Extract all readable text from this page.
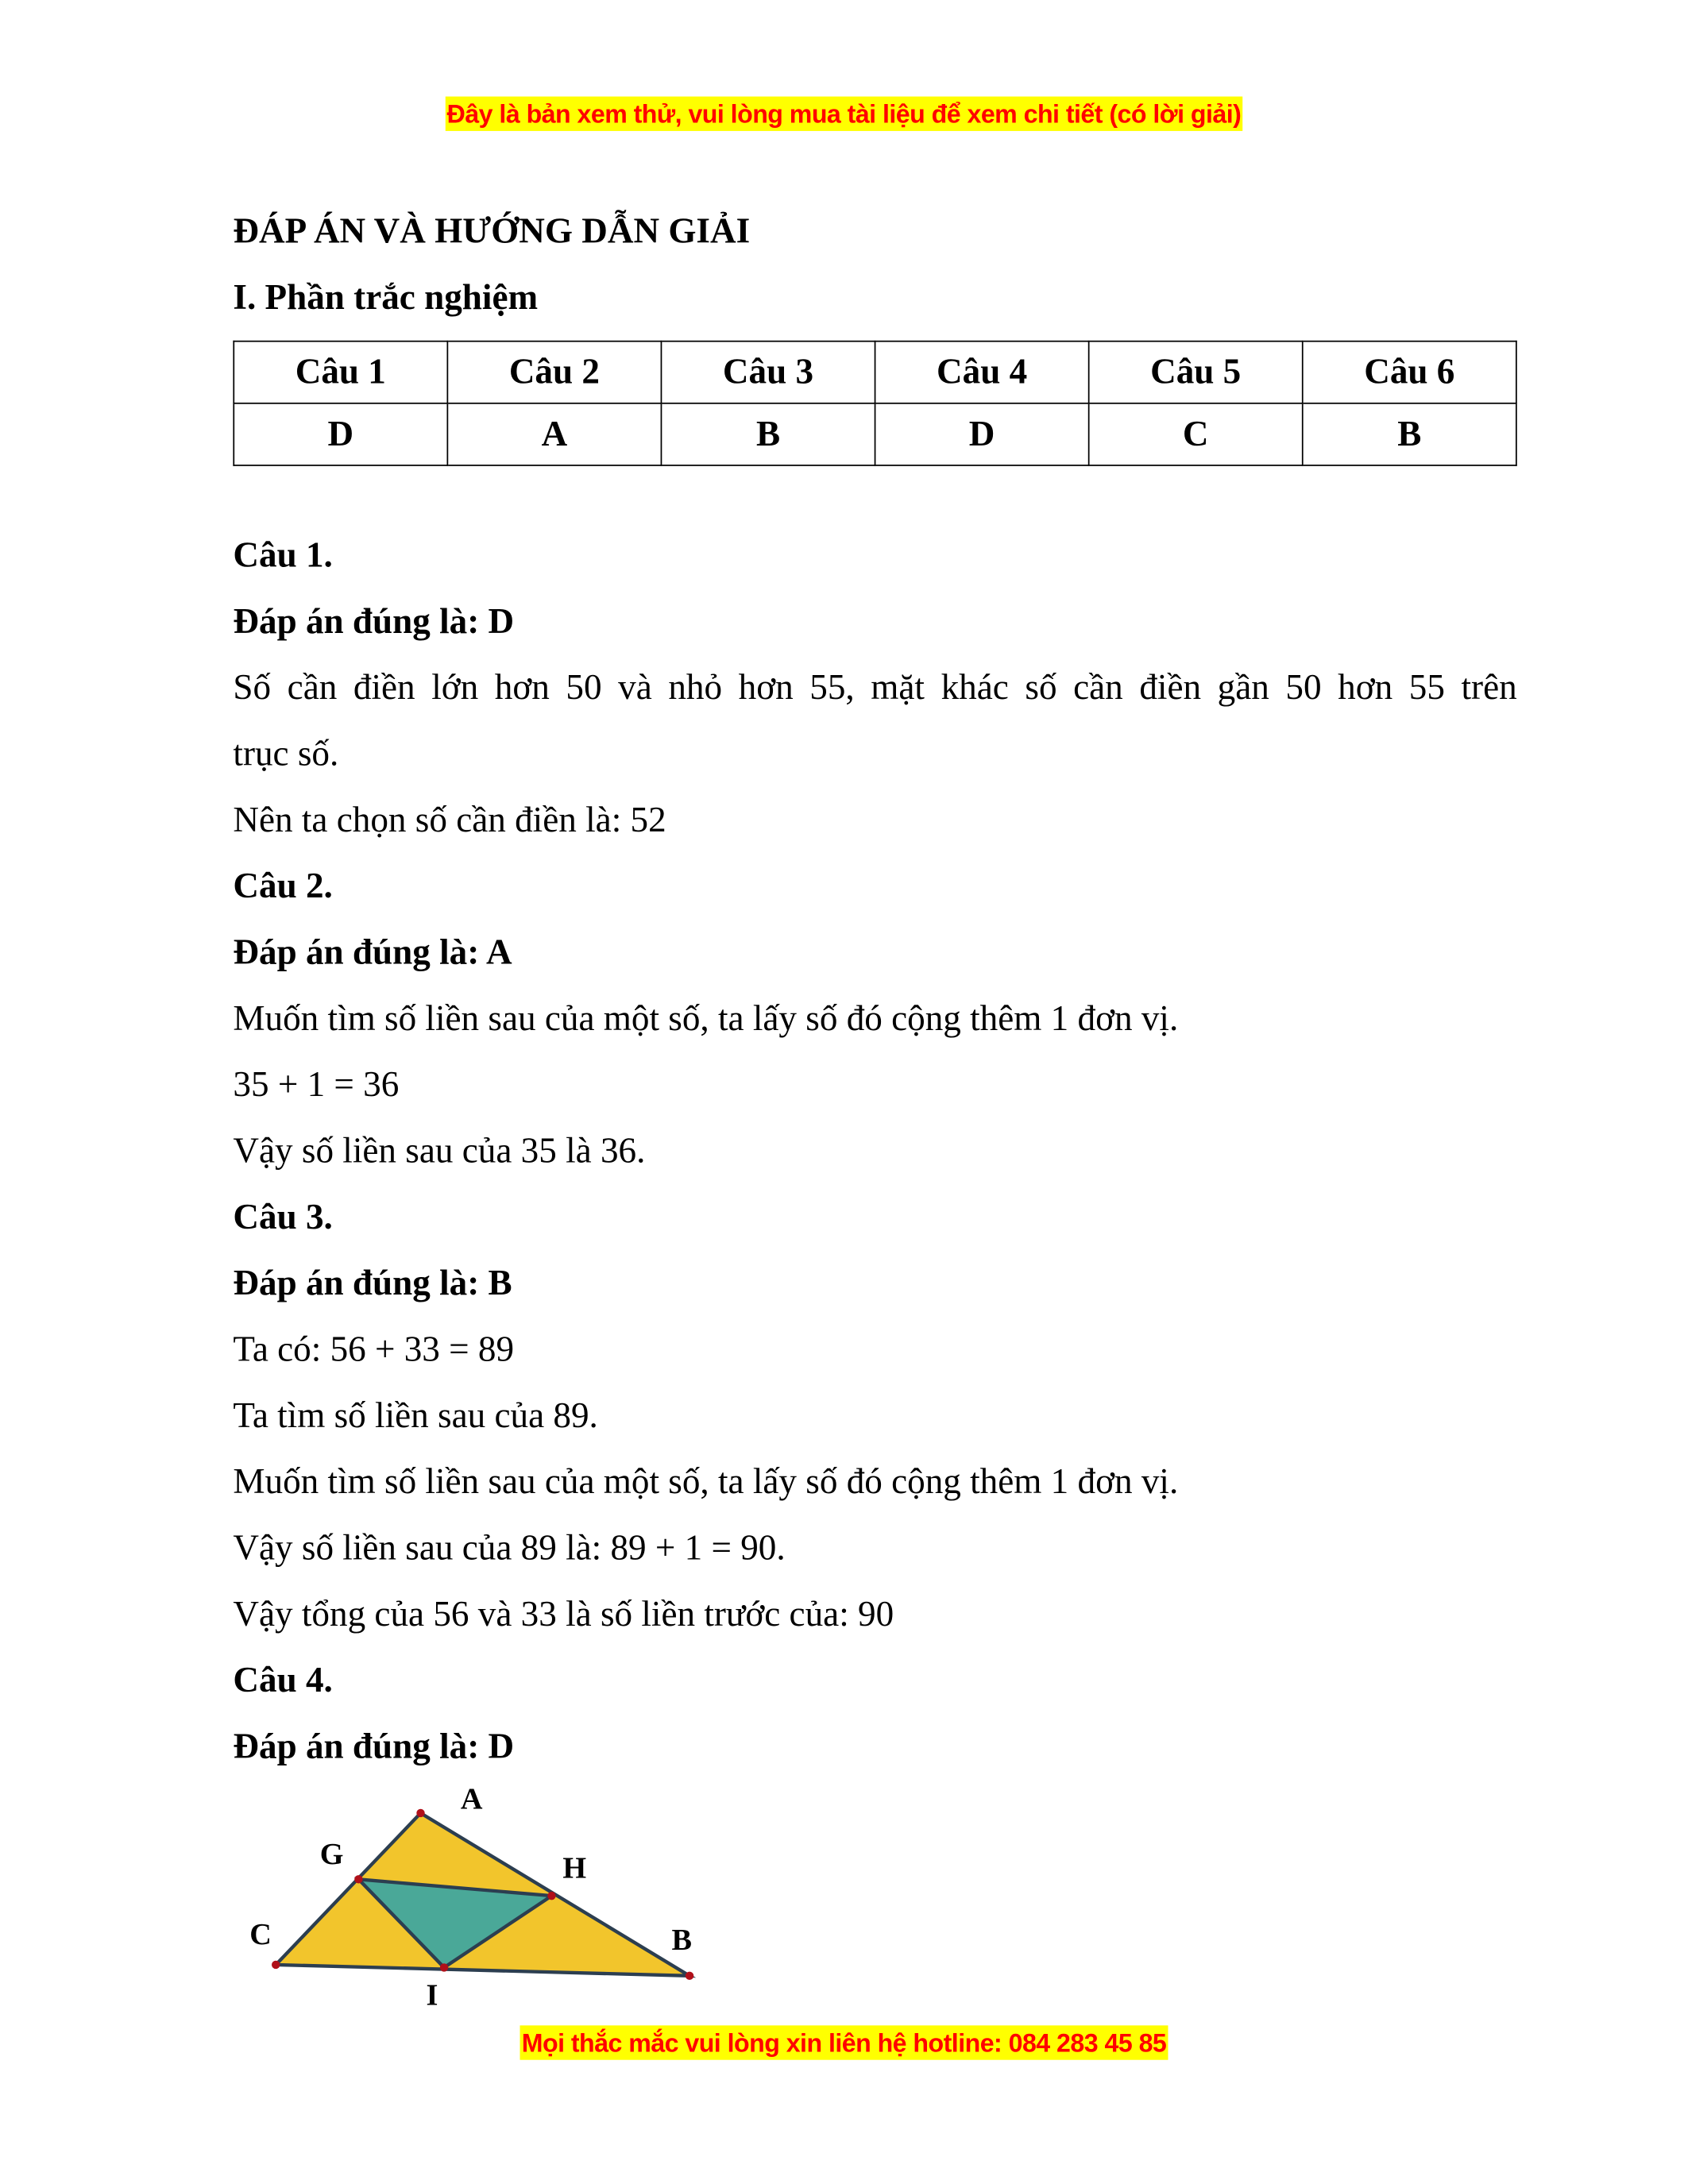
Đây là bản xem thử, vui lòng mua tài liệu để xem chi tiết (có lời giải)
ĐÁP ÁN VÀ HƯỚNG DẪN GIẢI
I. Phần trắc nghiệm
Câu 1	Câu 2	Câu 3	Câu 4	Câu 5	Câu 6
D	A	B	D	C	B
Câu 1.
Đáp án đúng là: D
Số cần điền lớn hơn 50 và nhỏ hơn 55, mặt khác số cần điền gần 50 hơn 55 trên
trục số.
Nên ta chọn số cần điền là: 52
Câu 2.
Đáp án đúng là: A
Muốn tìm số liền sau của một số, ta lấy số đó cộng thêm 1 đơn vị.
35 + 1 = 36
Vậy số liền sau của 35 là 36.
Câu 3.
Đáp án đúng là: B
Ta có: 56 + 33 = 89
Ta tìm số liền sau của 89.
Muốn tìm số liền sau của một số, ta lấy số đó cộng thêm 1 đơn vị.
Vậy số liền sau của 89 là: 89 + 1 = 90.
Vậy tổng của 56 và 33 là số liền trước của: 90
Câu 4.
Đáp án đúng là: D
A
G	H
C
I
B
Mọi thắc mắc vui lòng xin liên hệ hotline: 084 283 45 85
